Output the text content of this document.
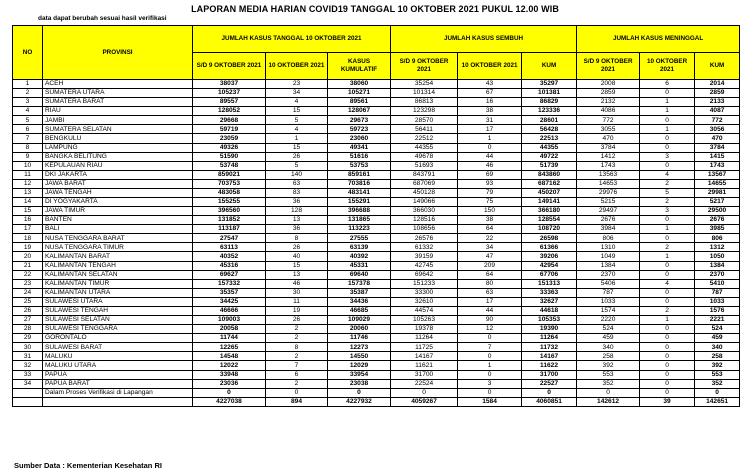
LAPORAN MEDIA HARIAN COVID19 TANGGAL 10 OKTOBER 2021 PUKUL 12.00 WIB
data dapat berubah sesuai hasil verifikasi
NO	PROVINSI	JUMLAH KASUS TANGGAL 10 OKTOBER 2021			JUMLAH KASUS SEMBUH			JUMLAH KASUS MENINGGAL		
		S/D 9 OKTOBER 2021	10 OKTOBER 2021	KASUS KUMULATIF	S/D 9 OKTOBER 2021	10 OKTOBER 2021	KUM	S/D 9 OKTOBER 2021	10 OKTOBER 2021	KUM
1	ACEH	38037	23	38060	35254	43	35297	2008	6	2014
2	SUMATERA UTARA	105237	34	105271	101314	67	101381	2859	0	2859
3	SUMATERA BARAT	89557	4	89561	86813	16	86829	2132	1	2133
4	RIAU	128052	15	128067	123298	38	123336	4086	1	4087
5	JAMBI	29668	5	29673	28570	31	28601	772	0	772
6	SUMATERA SELATAN	59719	4	59723	56411	17	56428	3055	1	3056
7	BENGKULU	23059	1	23060	22512	1	22513	470	0	470
8	LAMPUNG	49326	15	49341	44355	0	44355	3784	0	3784
9	BANGKA BELITUNG	51590	26	51616	49678	44	49722	1412	3	1415
10	KEPULAUAN RIAU	53748	5	53753	51693	46	51739	1743	0	1743
11	DKI JAKARTA	859021	140	859161	843791	69	843860	13563	4	13567
12	JAWA BARAT	703753	63	703816	687069	93	687162	14653	2	14655
13	JAWA TENGAH	483058	83	483141	450128	79	450207	29976	5	29981
14	DI YOGYAKARTA	155255	36	155291	149066	75	149141	5215	2	5217
15	JAWA TIMUR	396560	128	396688	366030	150	366180	29497	3	29500
16	BANTEN	131852	13	131865	128516	38	128554	2676	0	2676
17	BALI	113187	36	113223	108656	64	108720	3984	1	3985
18	NUSA TENGGARA BARAT	27547	8	27555	26576	22	26598	806	0	806
19	NUSA TENGGARA TIMUR	63113	26	63139	61332	34	61366	1310	2	1312
20	KALIMANTAN BARAT	40352	40	40392	39159	47	39206	1049	1	1050
21	KALIMANTAN TENGAH	45316	15	45331	42745	209	42954	1384	0	1384
22	KALIMANTAN SELATAN	69627	13	69640	69642	64	67706	2370	0	2370
23	KALIMANTAN TIMUR	157332	46	157378	151233	80	151313	5406	4	5410
24	KALIMANTAN UTARA	35357	30	35387	33300	63	33363	787	0	787
25	SULAWESI UTARA	34425	11	34436	32610	17	32627	1033	0	1033
26	SULAWESI TENGAH	46666	19	46685	44574	44	44618	1574	2	1576
27	SULAWESI SELATAN	109003	26	109029	105263	90	105353	2220	1	2221
28	SULAWESI TENGGARA	20058	2	20060	19378	12	19390	524	0	524
29	GORONTALO	11744	2	11746	11264	0	11264	459	0	459
30	SULAWESI BARAT	12265	8	12273	11725	7	11732	340	0	340
31	MALUKU	14548	2	14550	14167	0	14167	258	0	258
32	MALUKU UTARA	12022	7	12029	11621	1	11622	392	0	392
33	PAPUA	33948	6	33954	31700	0	31700	553	0	553
34	PAPUA BARAT	23036	2	23038	22524	3	22527	352	0	352
	Dalam Proses Verifikasi di Lapangan	0	0	0	0	0	0	0	0	0
		4227038	894	4227932	4059267	1584	4060851	142612	39	142651
Sumber Data : Kementerian Kesehatan RI
